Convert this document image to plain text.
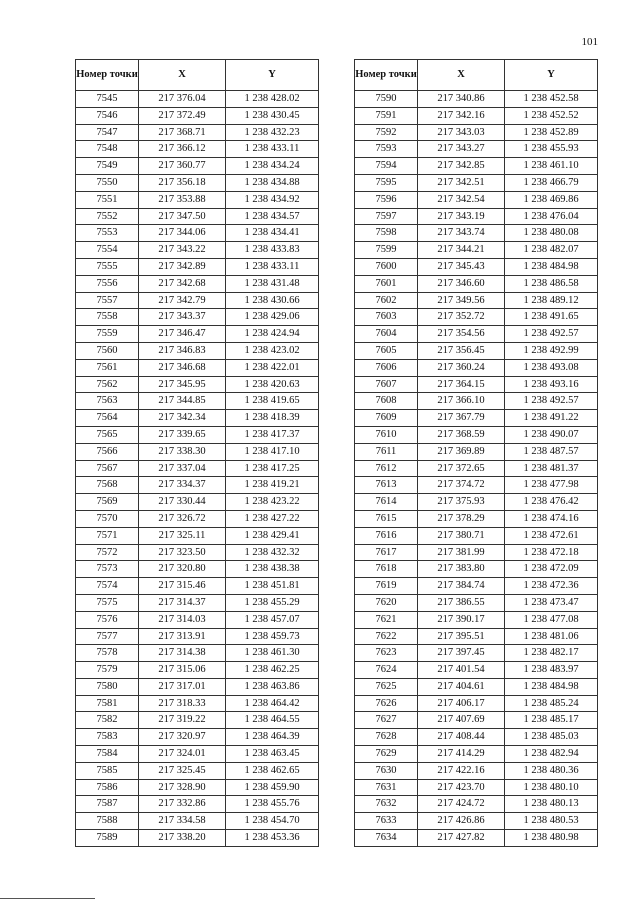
101
Номер точки	X	Y
7545	217 376.04	1 238 428.02
7546	217 372.49	1 238 430.45
7547	217 368.71	1 238 432.23
7548	217 366.12	1 238 433.11
7549	217 360.77	1 238 434.24
7550	217 356.18	1 238 434.88
7551	217 353.88	1 238 434.92
7552	217 347.50	1 238 434.57
7553	217 344.06	1 238 434.41
7554	217 343.22	1 238 433.83
7555	217 342.89	1 238 433.11
7556	217 342.68	1 238 431.48
7557	217 342.79	1 238 430.66
7558	217 343.37	1 238 429.06
7559	217 346.47	1 238 424.94
7560	217 346.83	1 238 423.02
7561	217 346.68	1 238 422.01
7562	217 345.95	1 238 420.63
7563	217 344.85	1 238 419.65
7564	217 342.34	1 238 418.39
7565	217 339.65	1 238 417.37
7566	217 338.30	1 238 417.10
7567	217 337.04	1 238 417.25
7568	217 334.37	1 238 419.21
7569	217 330.44	1 238 423.22
7570	217 326.72	1 238 427.22
7571	217 325.11	1 238 429.41
7572	217 323.50	1 238 432.32
7573	217 320.80	1 238 438.38
7574	217 315.46	1 238 451.81
7575	217 314.37	1 238 455.29
7576	217 314.03	1 238 457.07
7577	217 313.91	1 238 459.73
7578	217 314.38	1 238 461.30
7579	217 315.06	1 238 462.25
7580	217 317.01	1 238 463.86
7581	217 318.33	1 238 464.42
7582	217 319.22	1 238 464.55
7583	217 320.97	1 238 464.39
7584	217 324.01	1 238 463.45
7585	217 325.45	1 238 462.65
7586	217 328.90	1 238 459.90
7587	217 332.86	1 238 455.76
7588	217 334.58	1 238 454.70
7589	217 338.20	1 238 453.36
Номер точки	X	Y
7590	217 340.86	1 238 452.58
7591	217 342.16	1 238 452.52
7592	217 343.03	1 238 452.89
7593	217 343.27	1 238 455.93
7594	217 342.85	1 238 461.10
7595	217 342.51	1 238 466.79
7596	217 342.54	1 238 469.86
7597	217 343.19	1 238 476.04
7598	217 343.74	1 238 480.08
7599	217 344.21	1 238 482.07
7600	217 345.43	1 238 484.98
7601	217 346.60	1 238 486.58
7602	217 349.56	1 238 489.12
7603	217 352.72	1 238 491.65
7604	217 354.56	1 238 492.57
7605	217 356.45	1 238 492.99
7606	217 360.24	1 238 493.08
7607	217 364.15	1 238 493.16
7608	217 366.10	1 238 492.57
7609	217 367.79	1 238 491.22
7610	217 368.59	1 238 490.07
7611	217 369.89	1 238 487.57
7612	217 372.65	1 238 481.37
7613	217 374.72	1 238 477.98
7614	217 375.93	1 238 476.42
7615	217 378.29	1 238 474.16
7616	217 380.71	1 238 472.61
7617	217 381.99	1 238 472.18
7618	217 383.80	1 238 472.09
7619	217 384.74	1 238 472.36
7620	217 386.55	1 238 473.47
7621	217 390.17	1 238 477.08
7622	217 395.51	1 238 481.06
7623	217 397.45	1 238 482.17
7624	217 401.54	1 238 483.97
7625	217 404.61	1 238 484.98
7626	217 406.17	1 238 485.24
7627	217 407.69	1 238 485.17
7628	217 408.44	1 238 485.03
7629	217 414.29	1 238 482.94
7630	217 422.16	1 238 480.36
7631	217 423.70	1 238 480.10
7632	217 424.72	1 238 480.13
7633	217 426.86	1 238 480.53
7634	217 427.82	1 238 480.98
